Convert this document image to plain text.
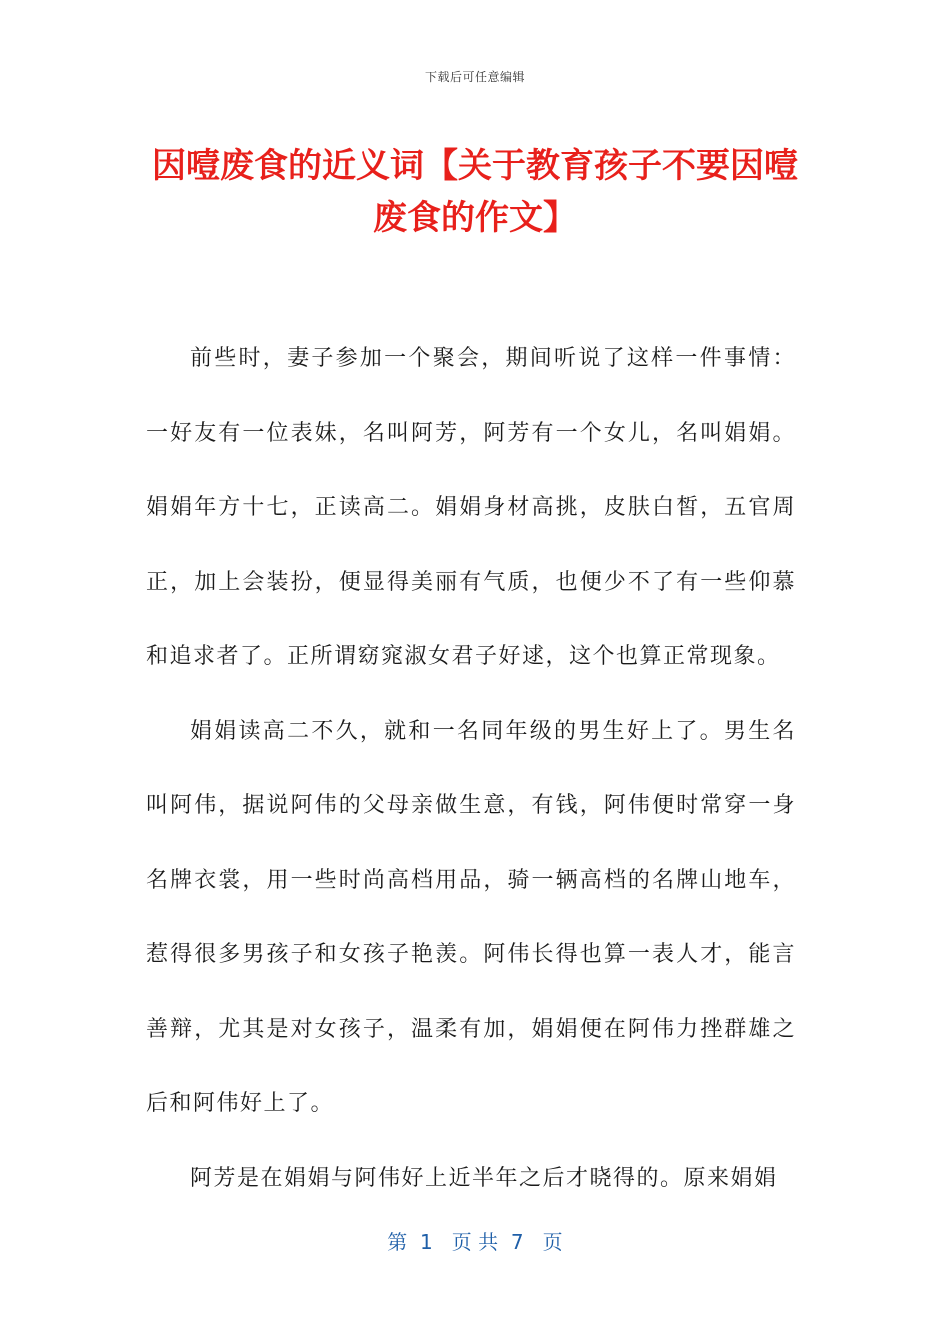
下载后可任意编辑
因噎废食的近义词【关于教育孩子不要因噎废食的作文】

前些时，妻子参加一个聚会，期间听说了这样一件事情：一好友有一位表妹，名叫阿芳，阿芳有一个女儿，名叫娟娟。娟娟年方十七，正读高二。娟娟身材高挑，皮肤白皙，五官周正，加上会装扮，便显得美丽有气质，也便少不了有一些仰慕和追求者了。正所谓窈窕淑女君子好逑，这个也算正常现象。

娟娟读高二不久，就和一名同年级的男生好上了。男生名叫阿伟，据说阿伟的父母亲做生意，有钱，阿伟便时常穿一身名牌衣裳，用一些时尚高档用品，骑一辆高档的名牌山地车，惹得很多男孩子和女孩子艳羡。阿伟长得也算一表人才，能言善辩，尤其是对女孩子，温柔有加，娟娟便在阿伟力挫群雄之后和阿伟好上了。

阿芳是在娟娟与阿伟好上近半年之后才晓得的。原来娟娟

第  1   页 共  7   页
